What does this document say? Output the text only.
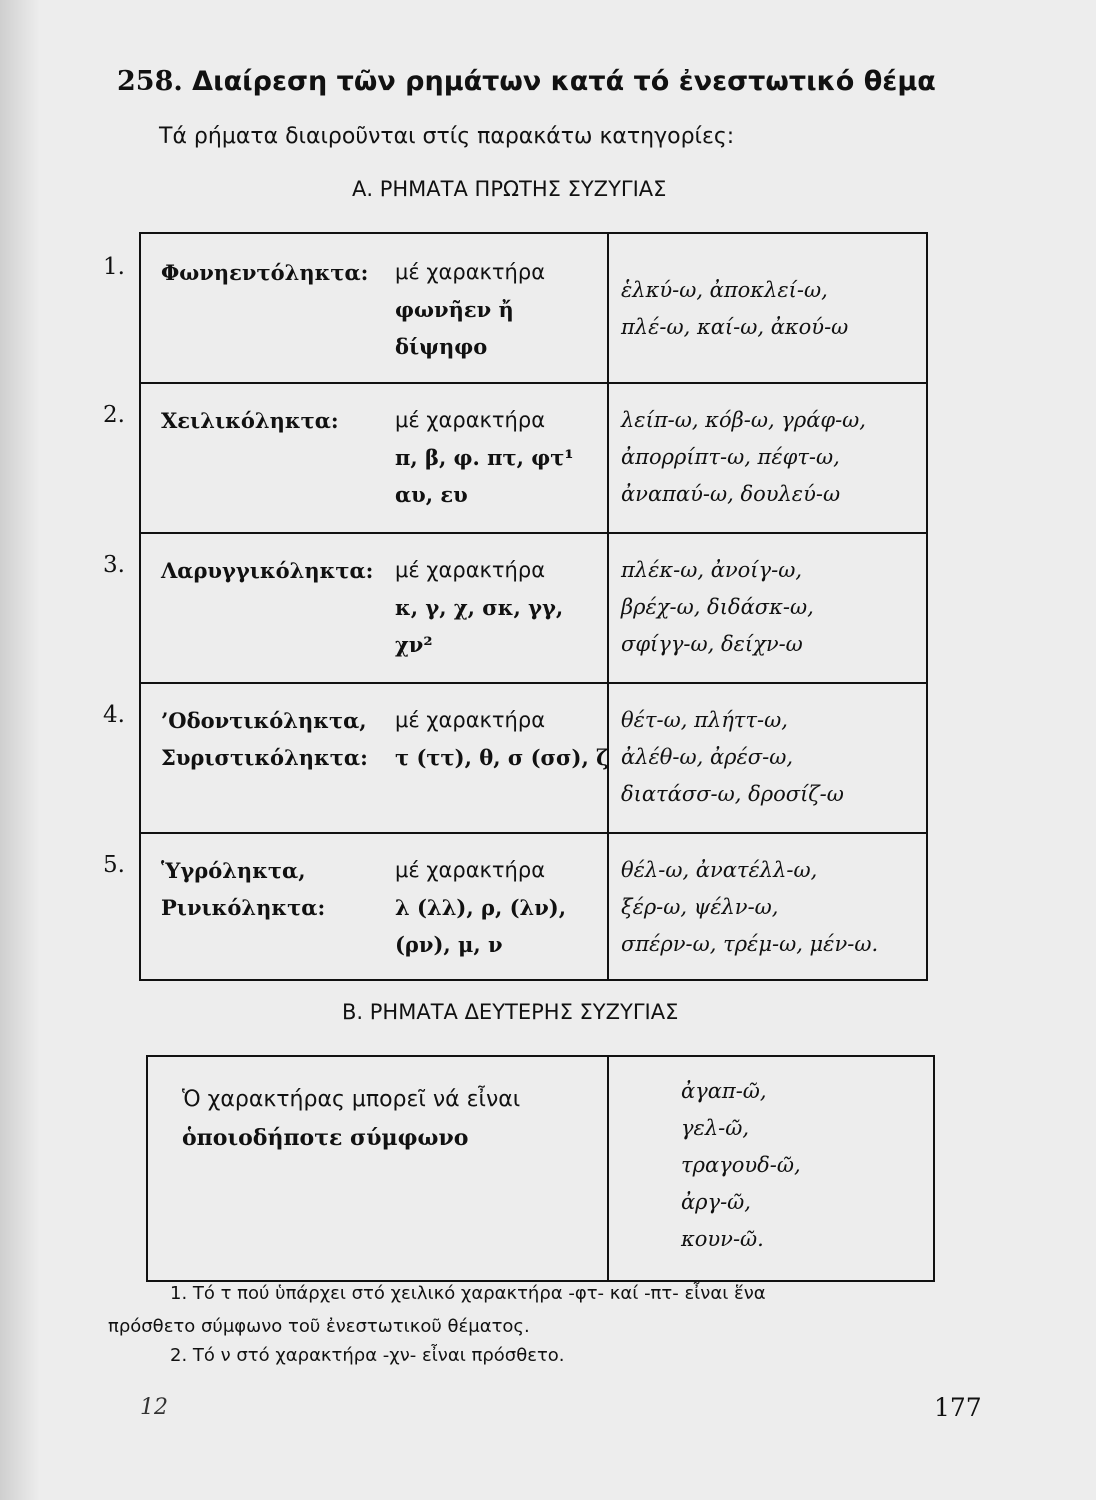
258. Διαίρεση τῶν ρημάτων κατά τό ἐνεστωτικό θέμα
Τά ρήματα διαιροῦνται στίς παρακάτω κατηγορίες:
Α. ΡΗΜΑΤΑ ΠΡΩΤΗΣ ΣΥΖΥΓΙΑΣ
1. Φωνηεντόληκτα: μέ χαρακτήρα
φωνῆεν ἤ
δίψηφο
ἑλκύ-ω, ἀποκλεί-ω,
πλέ-ω, καί-ω, ἀκού-ω
2. Χειλικόληκτα:	μέ χαρακτήρα
π, β, φ. πτ, φτ¹
αυ, ευ
λείπ-ω, κόβ-ω, γράφ-ω,
ἀπορρίπτ-ω, πέφτ-ω,
ἀναπαύ-ω, δουλεύ-ω
3. Λαρυγγικόληκτα: μέ χαρακτήρα
κ, γ, χ, σκ, γγ,
χν²
πλέκ-ω, ἀνοίγ-ω,
βρέχ-ω, διδάσκ-ω,
σφίγγ-ω, δείχν-ω
4. ’Οδοντικόληκτα,
Συριστικόληκτα:
μέ χαρακτήρα
τ (ττ), θ, σ (σσ), ζ
θέτ-ω, πλήττ-ω,
ἀλέθ-ω, ἀρέσ-ω,
διατάσσ-ω, δροσίζ-ω
5. Ὑγρόληκτα,
Ρινικόληκτα:
μέ χαρακτήρα
λ (λλ), ρ, (λν),
(ρν), μ, ν
θέλ-ω, ἀνατέλλ-ω,
ξέρ-ω, ψέλν-ω,
σπέρν-ω, τρέμ-ω, μέν-ω.
Β. ΡΗΜΑΤΑ ΔΕΥΤΕΡΗΣ ΣΥΖΥΓΙΑΣ
Ὁ χαρακτήρας μπορεῖ νά εἶναι
ὁποιοδήποτε σύμφωνο
ἀγαπ-ῶ,
γελ-ῶ,
τραγουδ-ῶ,
ἀργ-ῶ,
κουν-ῶ.
1. Τό τ πού ὑπάρχει στό χειλικό χαρακτήρα -φτ- καί -πτ- εἶναι ἕνα
πρόσθετο σύμφωνο τοῦ ἐνεστωτικοῦ θέματος.
2. Τό ν στό χαρακτήρα -χν- εἶναι πρόσθετο.
12	177
